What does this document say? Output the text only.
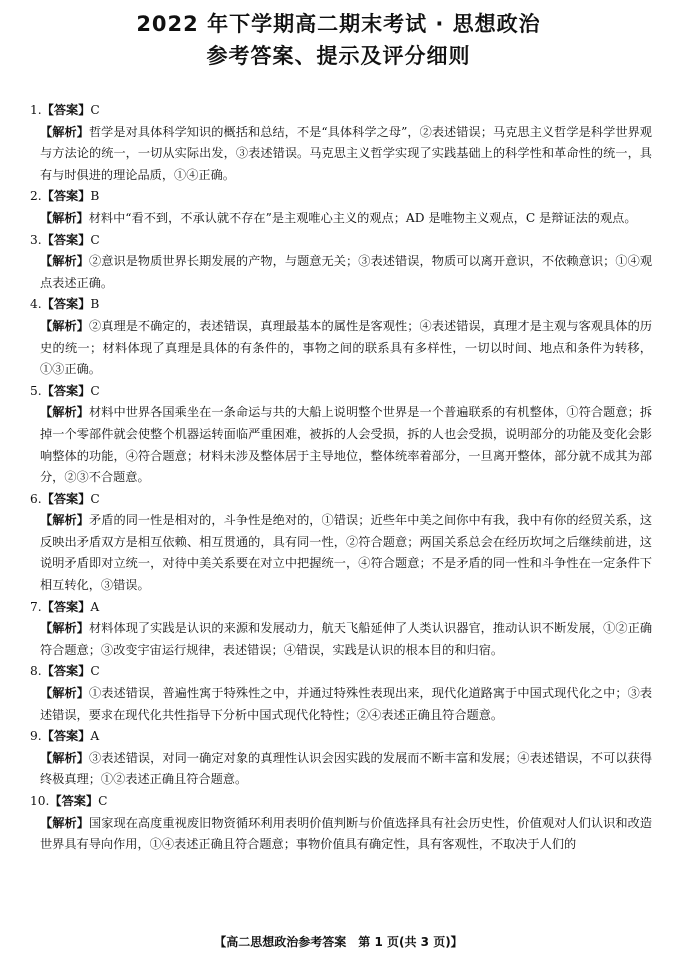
2022 年下学期高二期末考试 · 思想政治
参考答案、提示及评分细则

1.【答案】C

【解析】哲学是对具体科学知识的概括和总结，不是“具体科学之母”，②表述错误；马克思主义哲学是科学世界观与方法论的统一，一切从实际出发，③表述错误。马克思主义哲学实现了实践基础上的科学性和革命性的统一，具有与时俱进的理论品质，①④正确。

2.【答案】B

【解析】材料中“看不到，不承认就不存在”是主观唯心主义的观点；AD 是唯物主义观点，C 是辩证法的观点。

3.【答案】C

【解析】②意识是物质世界长期发展的产物，与题意无关；③表述错误，物质可以离开意识，不依赖意识；①④观点表述正确。

4.【答案】B

【解析】②真理是不确定的，表述错误，真理最基本的属性是客观性；④表述错误，真理才是主观与客观具体的历史的统一；材料体现了真理是具体的有条件的，事物之间的联系具有多样性，一切以时间、地点和条件为转移，①③正确。

5.【答案】C

【解析】材料中世界各国乘坐在一条命运与共的大船上说明整个世界是一个普遍联系的有机整体，①符合题意；拆掉一个零部件就会使整个机器运转面临严重困难，被拆的人会受损，拆的人也会受损，说明部分的功能及变化会影响整体的功能，④符合题意；材料未涉及整体居于主导地位，整体统率着部分，一旦离开整体，部分就不成其为部分，②③不合题意。

6.【答案】C

【解析】矛盾的同一性是相对的，斗争性是绝对的，①错误；近些年中美之间你中有我，我中有你的经贸关系，这反映出矛盾双方是相互依赖、相互贯通的，具有同一性，②符合题意；两国关系总会在经历坎坷之后继续前进，这说明矛盾即对立统一，对待中美关系要在对立中把握统一，④符合题意；不是矛盾的同一性和斗争性在一定条件下相互转化，③错误。

7.【答案】A

【解析】材料体现了实践是认识的来源和发展动力，航天飞船延伸了人类认识器官，推动认识不断发展，①②正确符合题意；③改变宇宙运行规律，表述错误；④错误，实践是认识的根本目的和归宿。

8.【答案】C

【解析】①表述错误，普遍性寓于特殊性之中，并通过特殊性表现出来，现代化道路寓于中国式现代化之中；③表述错误，要求在现代化共性指导下分析中国式现代化特性；②④表述正确且符合题意。

9.【答案】A

【解析】③表述错误，对同一确定对象的真理性认识会因实践的发展而不断丰富和发展；④表述错误，不可以获得终极真理；①②表述正确且符合题意。

10.【答案】C

【解析】国家现在高度重视废旧物资循环利用表明价值判断与价值选择具有社会历史性，价值观对人们认识和改造世界具有导向作用，①④表述正确且符合题意；事物价值具有确定性，具有客观性，不取决于人们的

【高二思想政治参考答案　第 1 页(共 3 页)】
